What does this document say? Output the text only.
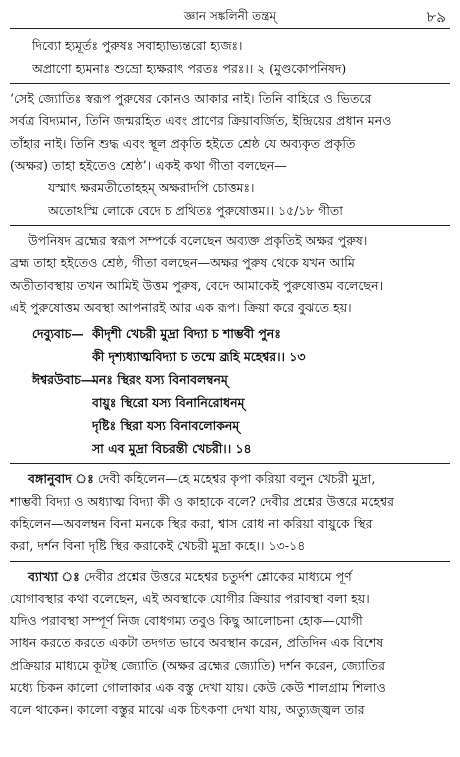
জ্ঞান সঙ্কলিনী তন্ত্রম্	৮৯
দিব্যো হ্যমূর্তঃ পুরুষঃ সবাহ্যাভ্যন্তরো হ্যজঃ।
অপ্রাণো হ্যমনাঃ শুভ্রো হ্যক্ষরাৎ পরতঃ পরঃ।। ২ (মুণ্ডকোপনিষদ)
‘সেই জ্যোতিঃ স্বরূপ পুরুষের কোনও আকার নাই। তিনি বাহিরে ও ভিতরে
সর্বত্র বিদ্যমান, তিনি জন্মরহিত এবং প্রাণের ক্রিয়াবর্জিত, ইন্দ্রিয়ের প্রধান মনও
তাঁহার নাই। তিনি শুদ্ধ এবং স্থূল প্রকৃতি হইতে শ্রেষ্ঠ যে অব্যকৃত প্রকৃতি
(অক্ষর) তাহা হইতেও শ্রেষ্ঠ’। একই কথা গীতা বলছেন—
যস্মাৎ ক্ষরমতীতোহহম্ অক্ষরাদপি চোত্তমঃ।
অতোঽস্মি লোকে বেদে চ প্রথিতঃ পুরুষোত্তম।। ১৫/১৮ গীতা
উপনিষদ ব্রহ্মের স্বরূপ সম্পর্কে বলেছেন অব্যক্ত প্রকৃতিই অক্ষর পুরুষ।
ব্রহ্ম তাহা হইতেও শ্রেষ্ঠ, গীতা বলছেন—অক্ষর পুরুষ থেকে যখন আমি
অতীতাবস্থায় তখন আমিই উত্তম পুরুষ, বেদে আমাকেই পুরুষোত্তম বলেছেন।
এই পুরুষোত্তম অবস্থা আপনারই আর এক রূপ। ক্রিয়া করে বুঝতে হয়।
দেব্যুবাচ— কীদৃশী খেচরী মুদ্রা বিদ্যা চ শাম্ভবী পুনঃ
কী দৃশ্যধ্যাত্মবিদ্যা চ তন্মে ব্রূহি মহেশ্বর।। ১৩
ঈশ্বরউবাচ—
মনঃ স্থিরং যস্য বিনাবলম্বনম্
বায়ুঃ স্থিরো যস্য বিনানিরোধনম্
দৃষ্টিঃ স্থিরা যস্য বিনাবলোকনম্
সা এব মুদ্রা বিচরন্তী খেচরী।। ১৪
বঙ্গানুবাদ ঃ দেবী কহিলেন—হে মহেশ্বর কৃপা করিয়া বলুন খেচরী মুদ্রা,
শাম্ভবী বিদ্যা ও অধ্যাত্ম বিদ্যা কী ও কাহাকে বলে? দেবীর প্রশ্নের উত্তরে মহেশ্বর
কহিলেন—অবলম্বন বিনা মনকে স্থির করা, শ্বাস রোধ না করিয়া বায়ুকে স্থির
করা, দর্শন বিনা দৃষ্টি স্থির করাকেই খেচরী মুদ্রা কহে।। ১৩-১৪
ব্যাখ্যা ঃ দেবীর প্রশ্নের উত্তরে মহেশ্বর চতুর্দশ শ্লোকের মাধ্যমে পূর্ণ
যোগাবস্থার কথা বলেছেন, এই অবস্থাকে যোগীর ক্রিয়ার পরাবস্থা বলা হয়।
যদিও পরাবস্থা সম্পূর্ণ নিজ বোধগম্য তবুও কিছু আলোচনা হোক—যোগী
সাধন করতে করতে একটা তদগত ভাবে অবস্থান করেন, প্রতিদিন এক বিশেষ
প্রক্রিয়ার মাধ্যমে কূটস্থ জ্যোতি (অক্ষর ব্রহ্মের জ্যোতি) দর্শন করেন, জ্যোতির
মধ্যে চিকন কালো গোলাকার এক বস্তু দেখা যায়। কেউ কেউ শালগ্রাম শিলাও
বলে থাকেন। কালো বস্তুর মাঝে এক চিৎকণা দেখা যায়, অত্যুজ্জ্বল তার
